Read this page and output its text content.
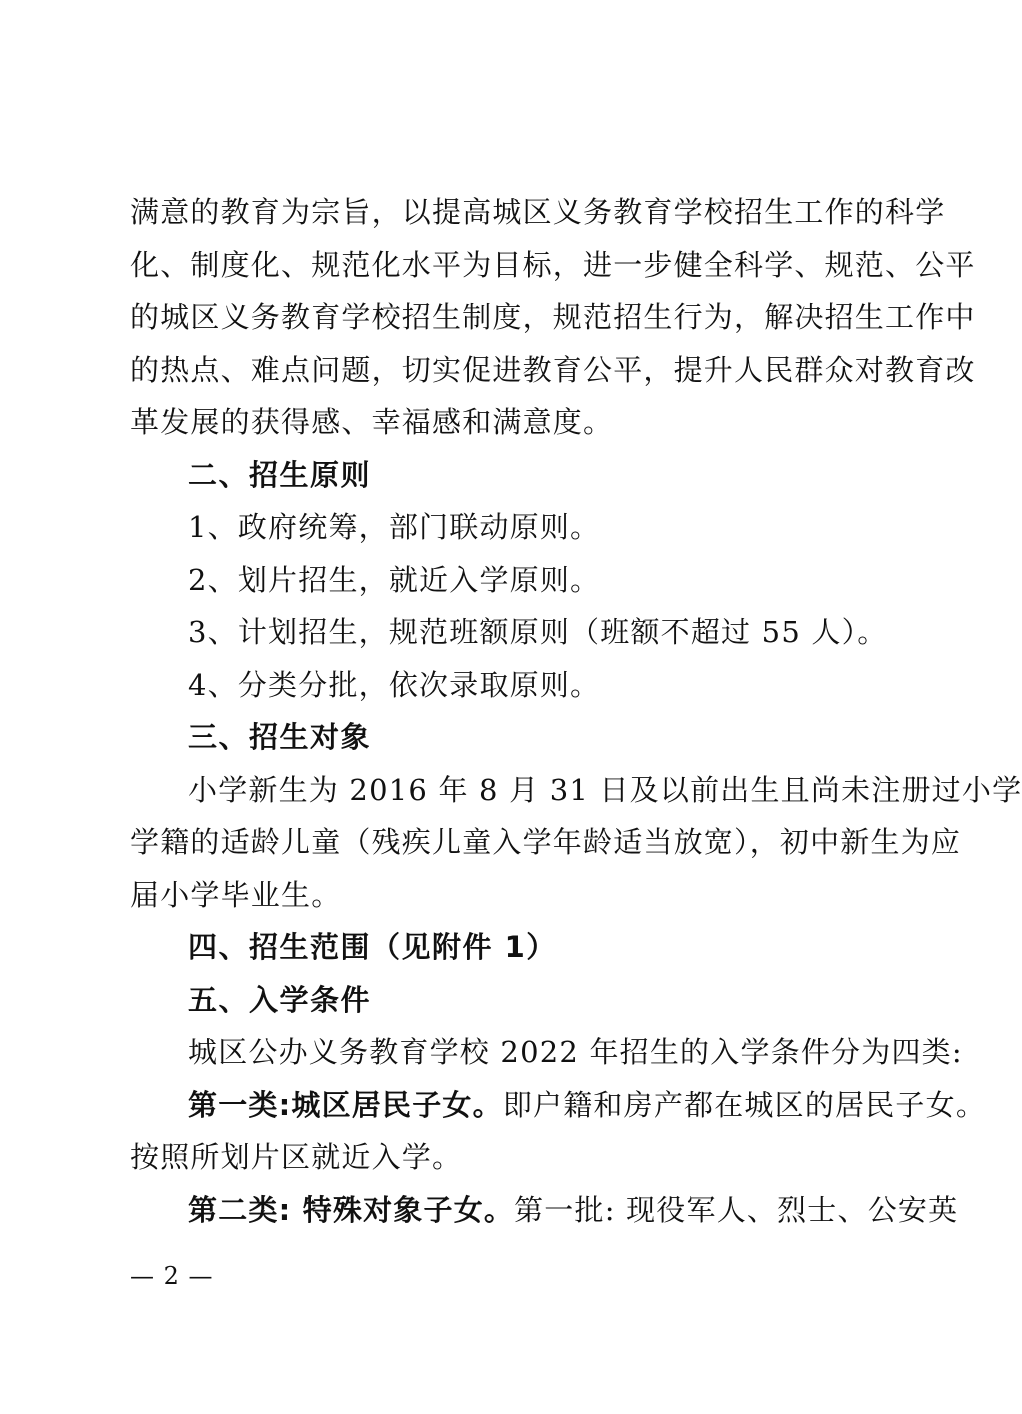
满意的教育为宗旨，以提高城区义务教育学校招生工作的科学

化、制度化、规范化水平为目标，进一步健全科学、规范、公平

的城区义务教育学校招生制度，规范招生行为，解决招生工作中

的热点、难点问题，切实促进教育公平，提升人民群众对教育改

革发展的获得感、幸福感和满意度。

二、招生原则

1、政府统筹，部门联动原则。

2、划片招生，就近入学原则。

3、计划招生，规范班额原则（班额不超过 55 人）。

4、分类分批，依次录取原则。

三、招生对象

小学新生为 2016 年 8 月 31 日及以前出生且尚未注册过小学

学籍的适龄儿童（残疾儿童入学年龄适当放宽），初中新生为应

届小学毕业生。

四、招生范围（见附件 1）

五、入学条件

城区公办义务教育学校 2022 年招生的入学条件分为四类:

第一类:城区居民子女。即户籍和房产都在城区的居民子女。

按照所划片区就近入学。

第二类: 特殊对象子女。第一批: 现役军人、烈士、公安英

— 2 —
